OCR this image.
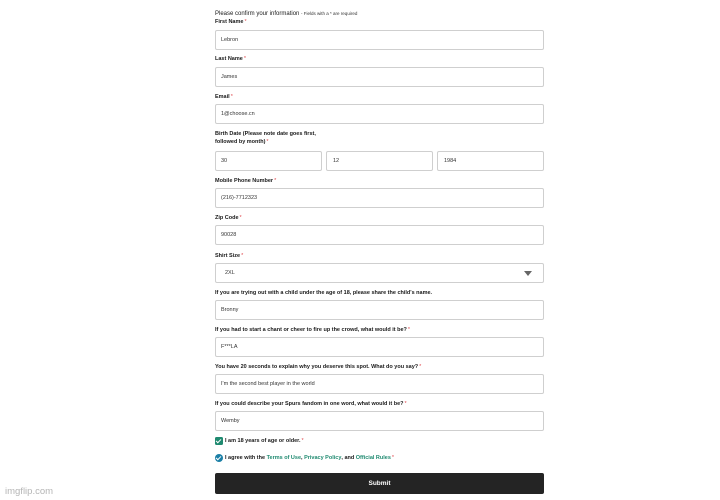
Please confirm your information - Fields with a * are required
First Name*
Lebron
Last Name*
James
Email*
1@choose.cn
Birth Date (Please note date goes first,
followed by month)*
30	12	1984
Mobile Phone Number*
(216)-7712323
Zip Code*
90028
Shirt Size*
2XL
If you are trying out with a child under the age of 18, please share the child's name.
Bronny
If you had to start a chant or cheer to fire up the crowd, what would it be?*
F***LA
You have 20 seconds to explain why you deserve this spot. What do you say?*
I'm the second best player in the world
If you could describe your Spurs fandom in one word, what would it be?*
Wemby
I am 18 years of age or older. *
I agree with the
Terms of Use ,
Privacy Policy , and
Official Rules *
Submit
imgflip.com
